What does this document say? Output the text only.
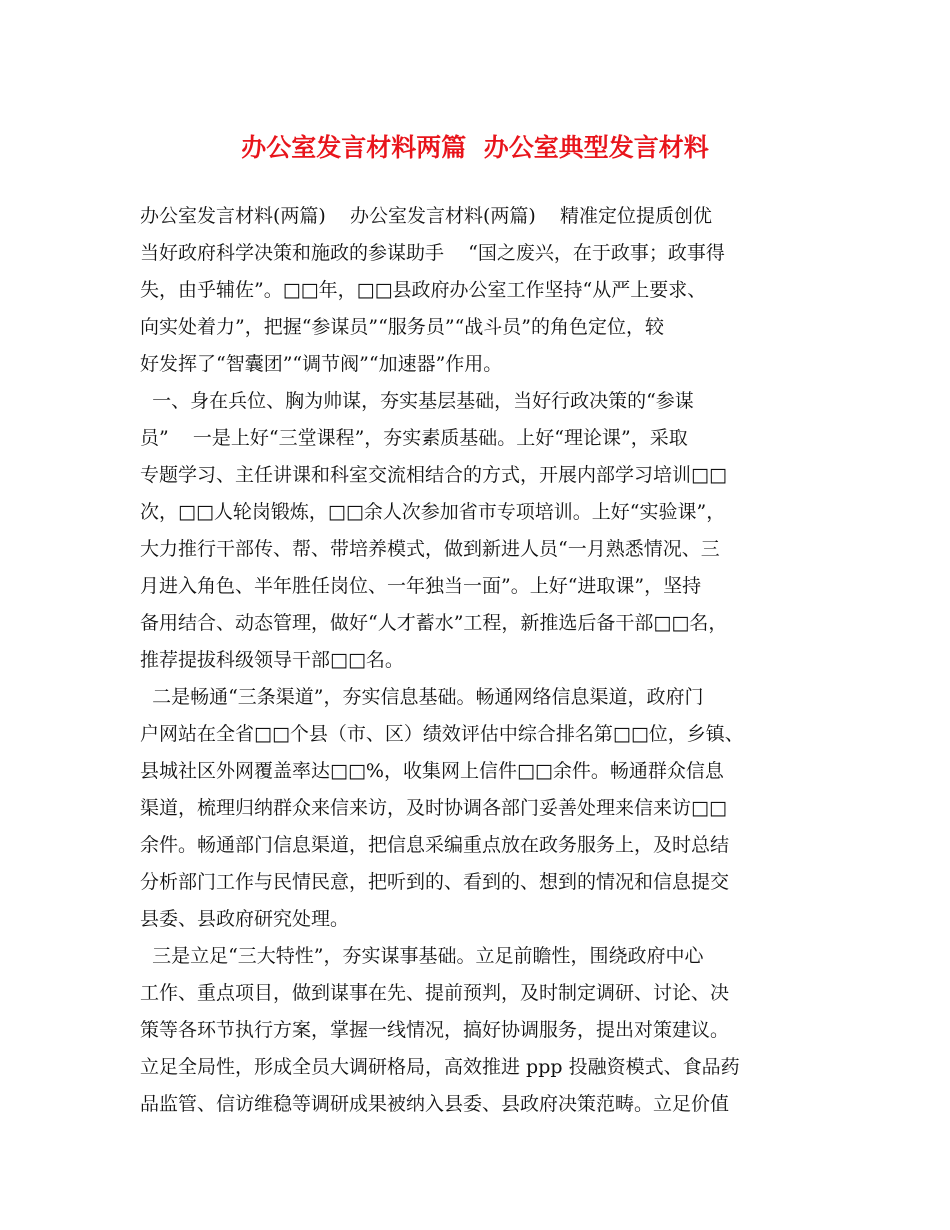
办公室发言材料两篇  办公室典型发言材料
办公室发言材料(两篇)    办公室发言材料(两篇)    精准定位提质创优
当好政府科学决策和施政的参谋助手    “国之废兴，在于政事；政事得
失，由乎辅佐”。□□年，□□县政府办公室工作坚持“从严上要求、
向实处着力”，把握“参谋员”“服务员”“战斗员”的角色定位，较
好发挥了“智囊团”“调节阀”“加速器”作用。
一、身在兵位、胸为帅谋，夯实基层基础，当好行政决策的“参谋
员”    一是上好“三堂课程”，夯实素质基础。上好“理论课”，采取
专题学习、主任讲课和科室交流相结合的方式，开展内部学习培训□□
次，□□人轮岗锻炼，□□余人次参加省市专项培训。上好“实验课”，
大力推行干部传、帮、带培养模式，做到新进人员“一月熟悉情况、三
月进入角色、半年胜任岗位、一年独当一面”。上好“进取课”，坚持
备用结合、动态管理，做好“人才蓄水”工程，新推选后备干部□□名，
推荐提拔科级领导干部□□名。
二是畅通“三条渠道”，夯实信息基础。畅通网络信息渠道，政府门
户网站在全省□□个县（市、区）绩效评估中综合排名第□□位，乡镇、
县城社区外网覆盖率达□□%，收集网上信件□□余件。畅通群众信息
渠道，梳理归纳群众来信来访，及时协调各部门妥善处理来信来访□□
余件。畅通部门信息渠道，把信息采编重点放在政务服务上，及时总结
分析部门工作与民情民意，把听到的、看到的、想到的情况和信息提交
县委、县政府研究处理。
三是立足“三大特性”，夯实谋事基础。立足前瞻性，围绕政府中心
工作、重点项目，做到谋事在先、提前预判，及时制定调研、讨论、决
策等各环节执行方案，掌握一线情况，搞好协调服务，提出对策建议。
立足全局性，形成全员大调研格局，高效推进 ppp 投融资模式、食品药
品监管、信访维稳等调研成果被纳入县委、县政府决策范畴。立足价值
